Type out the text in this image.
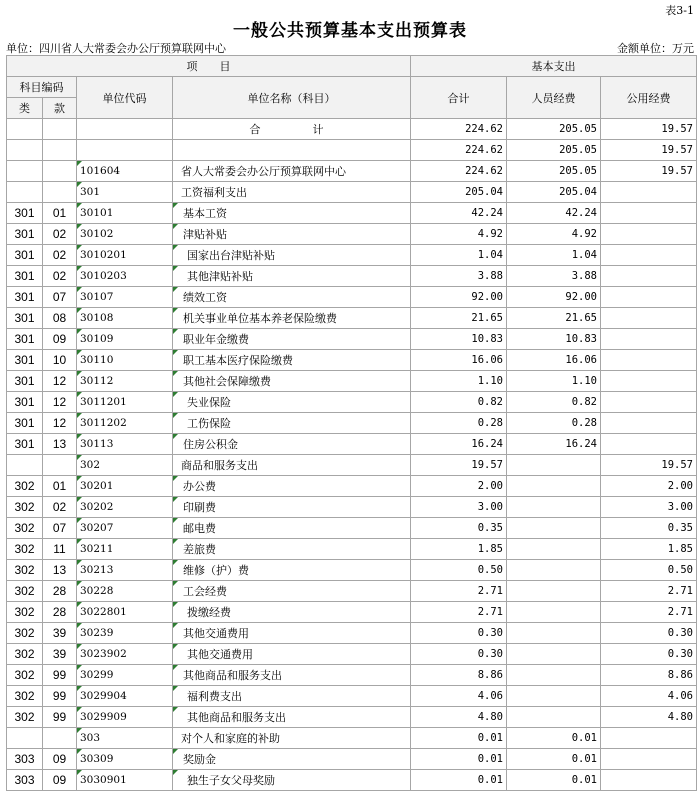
表3-1
一般公共预算基本支出预算表
单位：四川省人大常委会办公厅预算联网中心	金额单位：万元
项　　目				基本支出		
科目编码		单位代码	单位名称（科目）	合计	人员经费	公用经费
类	款					
			合　　计	224.62	205.05	19.57
				224.62	205.05	19.57
		101604	省人大常委会办公厅预算联网中心	224.62	205.05	19.57
		301	工资福利支出	205.04	205.04	
301	01	30101	基本工资	42.24	42.24	
301	02	30102	津贴补贴	4.92	4.92	
301	02	3010201	国家出台津贴补贴	1.04	1.04	
301	02	3010203	其他津贴补贴	3.88	3.88	
301	07	30107	绩效工资	92.00	92.00	
301	08	30108	机关事业单位基本养老保险缴费	21.65	21.65	
301	09	30109	职业年金缴费	10.83	10.83	
301	10	30110	职工基本医疗保险缴费	16.06	16.06	
301	12	30112	其他社会保障缴费	1.10	1.10	
301	12	3011201	失业保险	0.82	0.82	
301	12	3011202	工伤保险	0.28	0.28	
301	13	30113	住房公积金	16.24	16.24	
		302	商品和服务支出	19.57		19.57
302	01	30201	办公费	2.00		2.00
302	02	30202	印刷费	3.00		3.00
302	07	30207	邮电费	0.35		0.35
302	11	30211	差旅费	1.85		1.85
302	13	30213	维修（护）费	0.50		0.50
302	28	30228	工会经费	2.71		2.71
302	28	3022801	拨缴经费	2.71		2.71
302	39	30239	其他交通费用	0.30		0.30
302	39	3023902	其他交通费用	0.30		0.30
302	99	30299	其他商品和服务支出	8.86		8.86
302	99	3029904	福利费支出	4.06		4.06
302	99	3029909	其他商品和服务支出	4.80		4.80
		303	对个人和家庭的补助	0.01	0.01	
303	09	30309	奖励金	0.01	0.01	
303	09	3030901	独生子女父母奖励	0.01	0.01	
